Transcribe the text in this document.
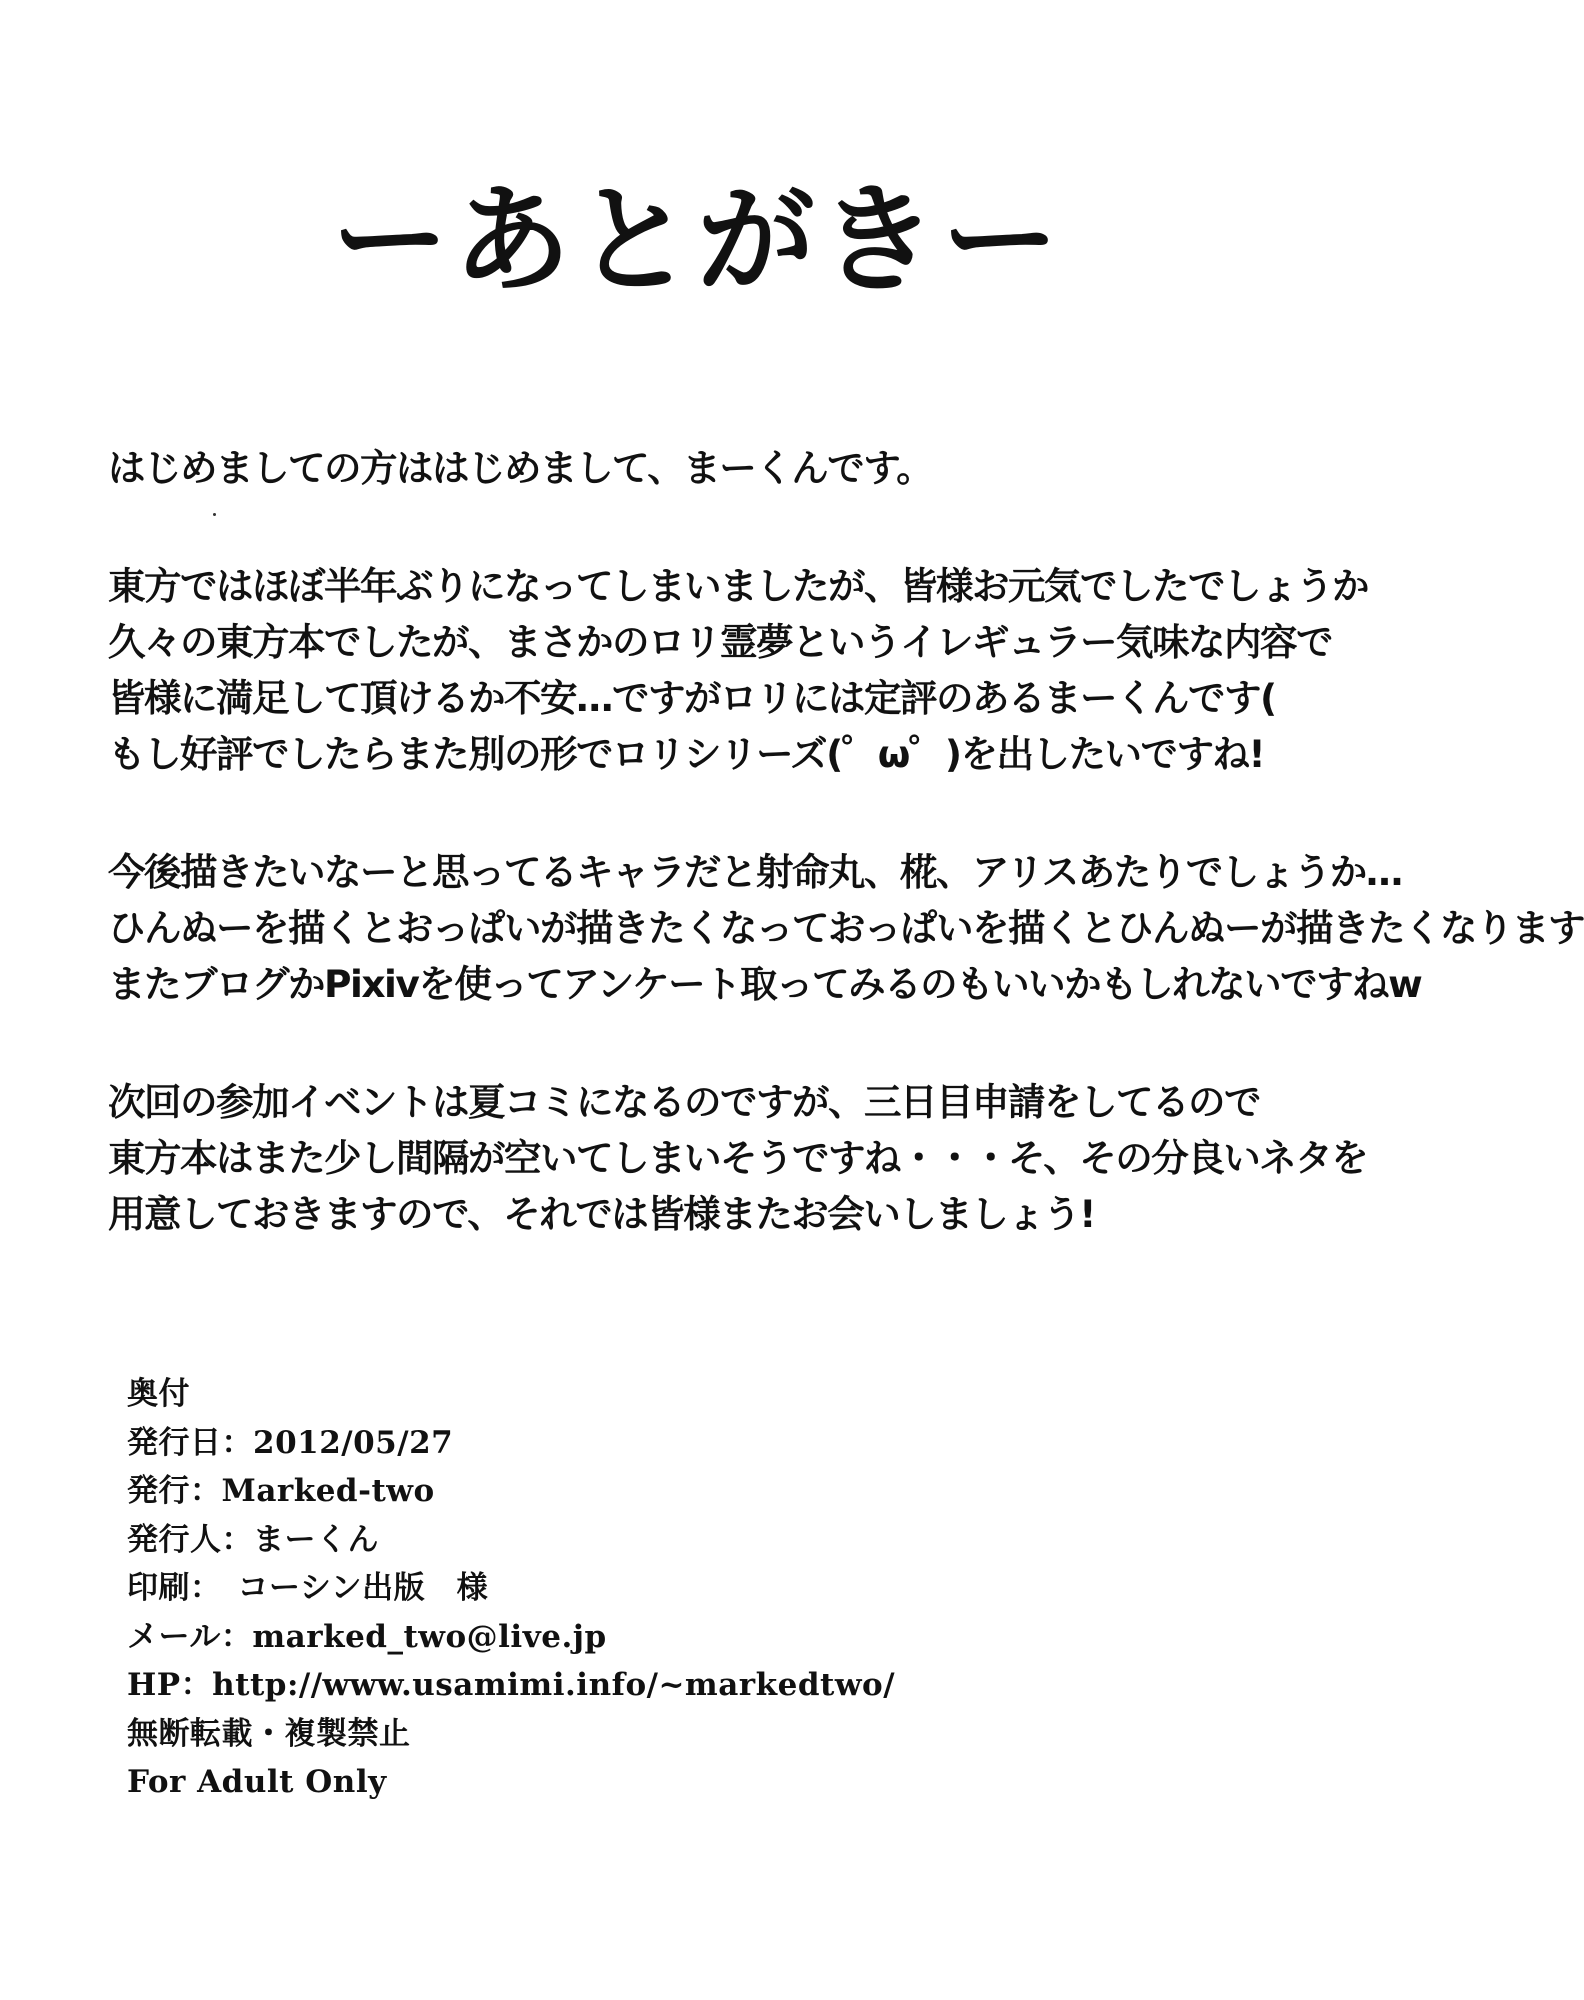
ーあとがきー
はじめましての方ははじめまして、まーくんです。
東方ではほぼ半年ぶりになってしまいましたが、皆様お元気でしたでしょうか
久々の東方本でしたが、まさかのロリ霊夢というイレギュラー気味な内容で
皆様に満足して頂けるか不安…ですがロリには定評のあるまーくんです(
もし好評でしたらまた別の形でロリシリーズ(゜ω゜)を出したいですね!
今後描きたいなーと思ってるキャラだと射命丸、椛、アリスあたりでしょうか…
ひんぬーを描くとおっぱいが描きたくなっておっぱいを描くとひんぬーが描きたくなります
またブログかPixivを使ってアンケート取ってみるのもいいかもしれないですねw
次回の参加イベントは夏コミになるのですが、三日目申請をしてるので
東方本はまた少し間隔が空いてしまいそうですね・・・そ、その分良いネタを
用意しておきますので、それでは皆様またお会いしましょう!
奥付
発行日：2012/05/27
発行：Marked-two
発行人：まーくん
印刷：　コーシン出版　様
メール：marked_two@live.jp
HP：http://www.usamimi.info/~markedtwo/
無断転載・複製禁止
For Adult Only
